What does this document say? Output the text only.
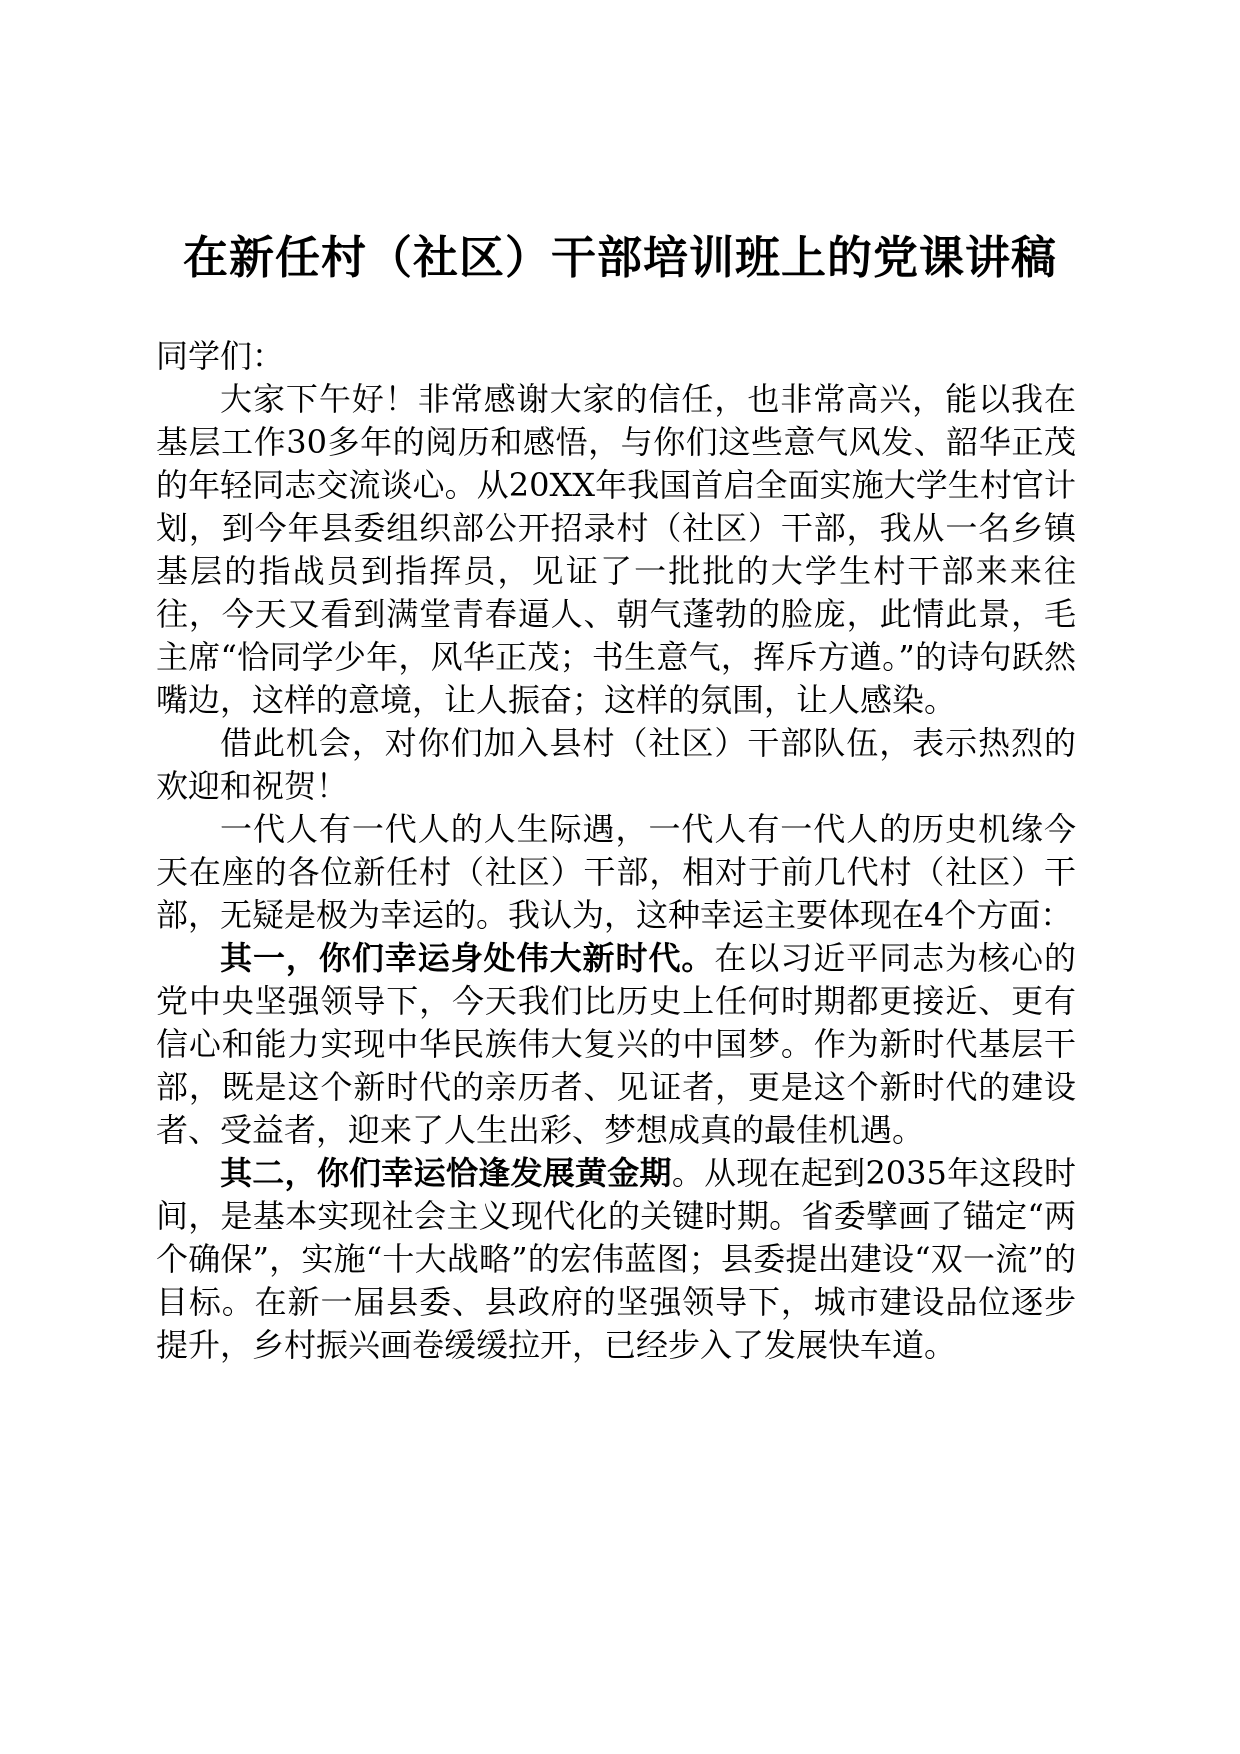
在新任村（社区）干部培训班上的党课讲稿

同学们：

大家下午好！非常感谢大家的信任，也非常高兴，能以我在基层工作30多年的阅历和感悟，与你们这些意气风发、韶华正茂的年轻同志交流谈心。从20XX年我国首启全面实施大学生村官计划，到今年县委组织部公开招录村（社区）干部，我从一名乡镇基层的指战员到指挥员，见证了一批批的大学生村干部来来往往，今天又看到满堂青春逼人、朝气蓬勃的脸庞，此情此景，毛主席“恰同学少年，风华正茂；书生意气，挥斥方遒。”的诗句跃然嘴边，这样的意境，让人振奋；这样的氛围，让人感染。

借此机会，对你们加入县村（社区）干部队伍，表示热烈的欢迎和祝贺！

一代人有一代人的人生际遇，一代人有一代人的历史机缘今天在座的各位新任村（社区）干部，相对于前几代村（社区）干部，无疑是极为幸运的。我认为，这种幸运主要体现在4个方面：

其一，你们幸运身处伟大新时代。在以习近平同志为核心的党中央坚强领导下，今天我们比历史上任何时期都更接近、更有信心和能力实现中华民族伟大复兴的中国梦。作为新时代基层干部，既是这个新时代的亲历者、见证者，更是这个新时代的建设者、受益者，迎来了人生出彩、梦想成真的最佳机遇。

其二，你们幸运恰逢发展黄金期。从现在起到2035年这段时间，是基本实现社会主义现代化的关键时期。省委擘画了锚定“两个确保”，实施“十大战略”的宏伟蓝图；县委提出建设“双一流”的目标。在新一届县委、县政府的坚强领导下，城市建设品位逐步提升，乡村振兴画卷缓缓拉开，已经步入了发展快车道。
